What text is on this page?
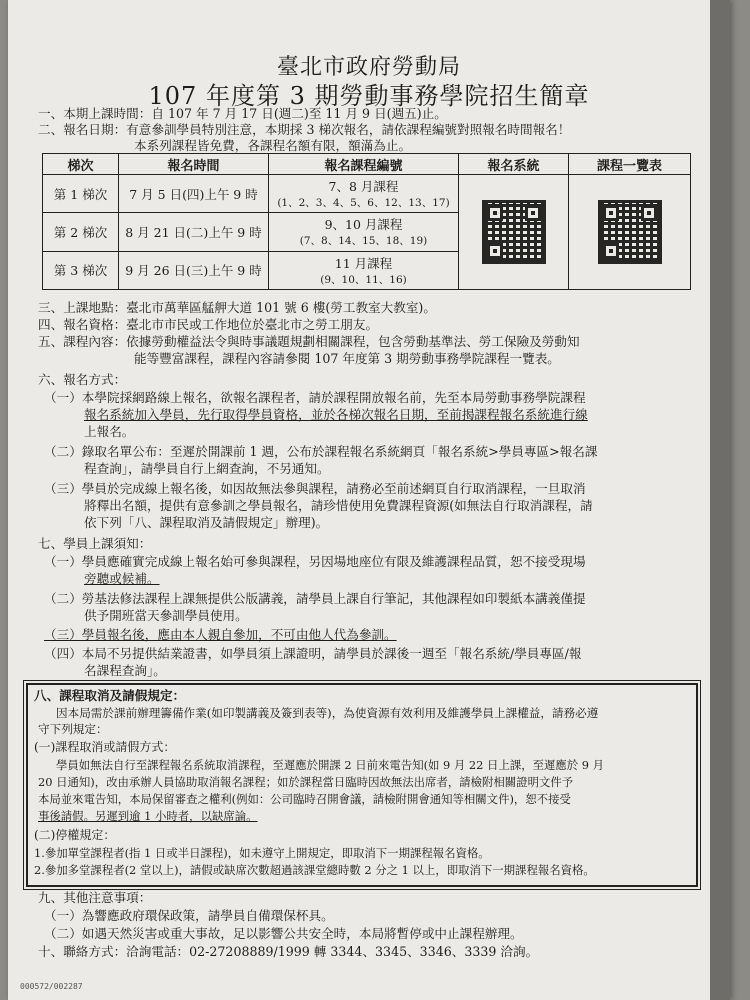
臺北市政府勞動局
107 年度第 3 期勞動事務學院招生簡章
一、本期上課時間：自 107 年 7 月 17 日(週二)至 11 月 9 日(週五)止。
二、報名日期：有意參訓學員特別注意，本期採 3 梯次報名，請依課程編號對照報名時間報名！
本系列課程皆免費，各課程名額有限，額滿為止。
梯次	報名時間	報名課程編號	報名系統	課程一覽表
第 1 梯次	7 月 5 日(四)上午 9 時	7、8 月課程
(1、2、3、4、5、6、12、13、17)		

第 2 梯次	8 月 21 日(二)上午 9 時	9、10 月課程
(7、8、14、15、18、19)		

第 3 梯次	9 月 26 日(三)上午 9 時	11 月課程
(9、10、11、16)		
三、上課地點：臺北市萬華區艋舺大道 101 號 6 樓(勞工教室大教室)。
四、報名資格：臺北市市民或工作地位於臺北市之勞工朋友。
五、課程內容：依據勞動權益法令與時事議題規劃相關課程，包含勞動基準法、勞工保險及勞動知
能等豐富課程，課程內容請參閱 107 年度第 3 期勞動事務學院課程一覽表。
六、報名方式：
（一）本學院採網路線上報名，欲報名課程者，請於課程開放報名前，先至本局勞動事務學院課程
報名系統加入學員，先行取得學員資格，並於各梯次報名日期，至前揭課程報名系統進行線
上報名。
（二）錄取名單公布：至遲於開課前 1 週，公布於課程報名系統網頁「報名系統>學員專區>報名課
程查詢」，請學員自行上網查詢，不另通知。
（三）學員於完成線上報名後，如因故無法參與課程，請務必至前述網頁自行取消課程，一旦取消
將釋出名額，提供有意參訓之學員報名，請珍惜使用免費課程資源(如無法自行取消課程，請
依下列「八、課程取消及請假規定」辦理)。
七、學員上課須知：
（一）學員應確實完成線上報名始可參與課程，另因場地座位有限及維護課程品質，恕不接受現場
旁聽或候補。
（二）勞基法修法課程上課無提供公版講義，請學員上課自行筆記，其他課程如印製紙本講義僅提
供予開班當天參訓學員使用。
（三）學員報名後，應由本人親自參加，不可由他人代為參訓。
（四）本局不另提供結業證書，如學員須上課證明，請學員於課後一週至「報名系統/學員專區/報
名課程查詢」。
八、課程取消及請假規定：
因本局需於課前辦理籌備作業(如印製講義及簽到表等)，為使資源有效利用及維護學員上課權益，請務必遵
守下列規定：
(一)課程取消或請假方式：
學員如無法自行至課程報名系統取消課程，至遲應於開課 2 日前來電告知(如 9 月 22 日上課，至遲應於 9 月
20 日通知)，改由承辦人員協助取消報名課程；如於課程當日臨時因故無法出席者，請檢附相關證明文件予
本局並來電告知，本局保留審查之權利(例如：公司臨時召開會議，請檢附開會通知等相關文件)，恕不接受
事後請假。另遲到逾 1 小時者，以缺席論。
(二)停權規定：
1.參加單堂課程者(指 1 日或半日課程)，如未遵守上開規定，即取消下一期課程報名資格。
2.參加多堂課程者(2 堂以上)，請假或缺席次數超過該課堂總時數 2 分之 1 以上，即取消下一期課程報名資格。
九、其他注意事項：
（一）為響應政府環保政策，請學員自備環保杯具。
（二）如遇天然災害或重大事故，足以影響公共安全時，本局將暫停或中止課程辦理。
十、聯絡方式：洽詢電話：02-27208889/1999 轉 3344、3345、3346、3339 洽詢。
000572/002287
